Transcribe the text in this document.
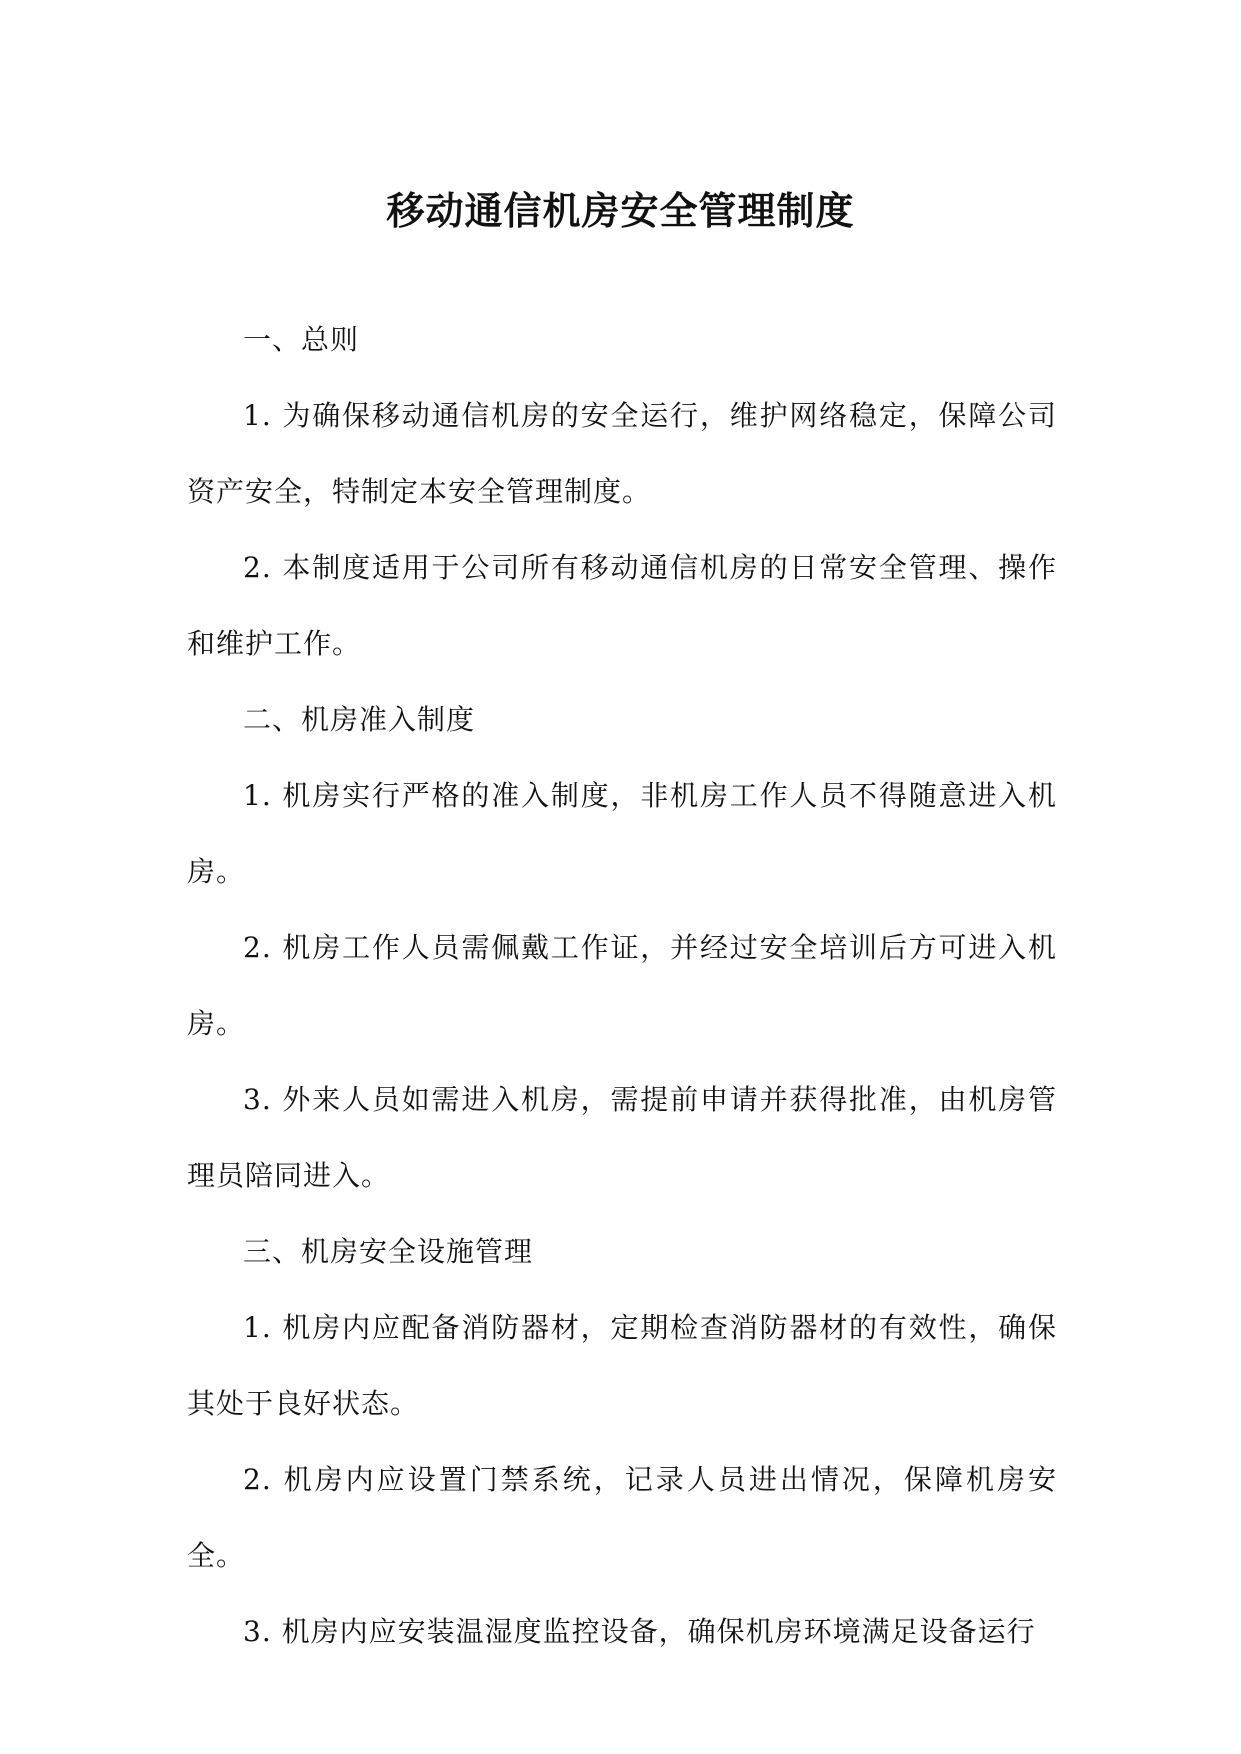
移动通信机房安全管理制度

一、总则

1. 为确保移动通信机房的安全运行，维护网络稳定，保障公司资产安全，特制定本安全管理制度。

2. 本制度适用于公司所有移动通信机房的日常安全管理、操作和维护工作。

二、机房准入制度

1. 机房实行严格的准入制度，非机房工作人员不得随意进入机房。

2. 机房工作人员需佩戴工作证，并经过安全培训后方可进入机房。

3. 外来人员如需进入机房，需提前申请并获得批准，由机房管理员陪同进入。

三、机房安全设施管理

1. 机房内应配备消防器材，定期检查消防器材的有效性，确保其处于良好状态。

2. 机房内应设置门禁系统，记录人员进出情况，保障机房安全。

3. 机房内应安装温湿度监控设备，确保机房环境满足设备运行
